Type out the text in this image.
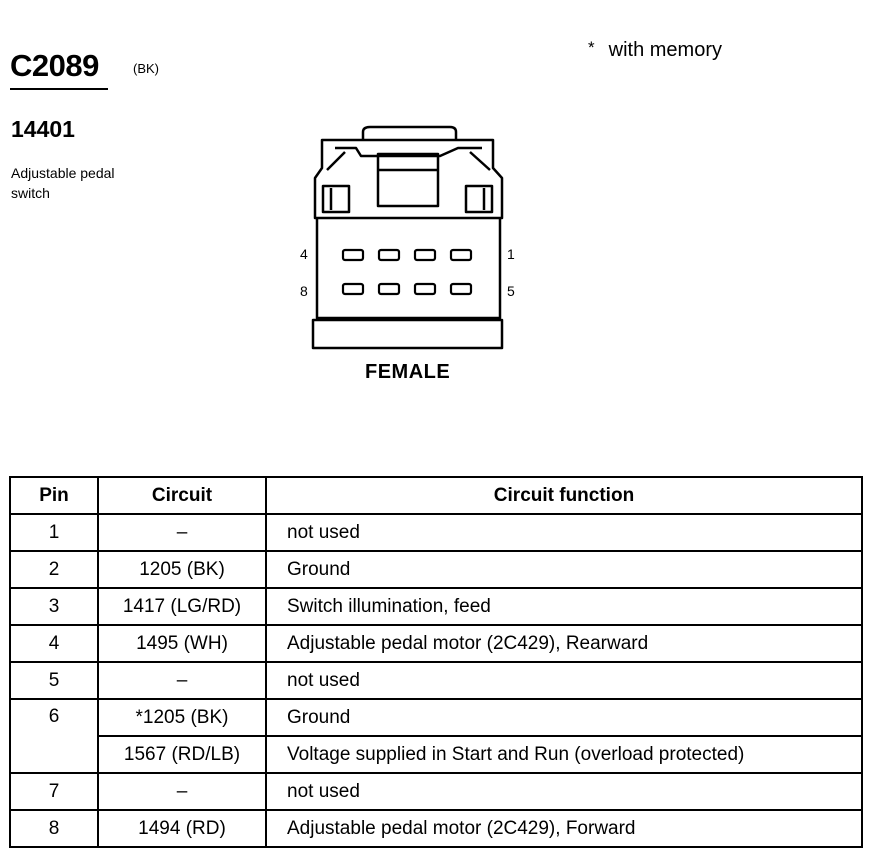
C2089	(BK)
* with memory
14401
Adjustable pedal
switch
4	1
8	5
FEMALE
Pin	Circuit	Circuit function
1	–	not used
2	1205 (BK)	Ground
3	1417 (LG/RD)	Switch illumination, feed
4	1495 (WH)	Adjustable pedal motor (2C429), Rearward
5	–	not used
6	*1205 (BK)	Ground
	1567 (RD/LB)	Voltage supplied in Start and Run (overload protected)
7	–	not used
8	1494 (RD)	Adjustable pedal motor (2C429), Forward
